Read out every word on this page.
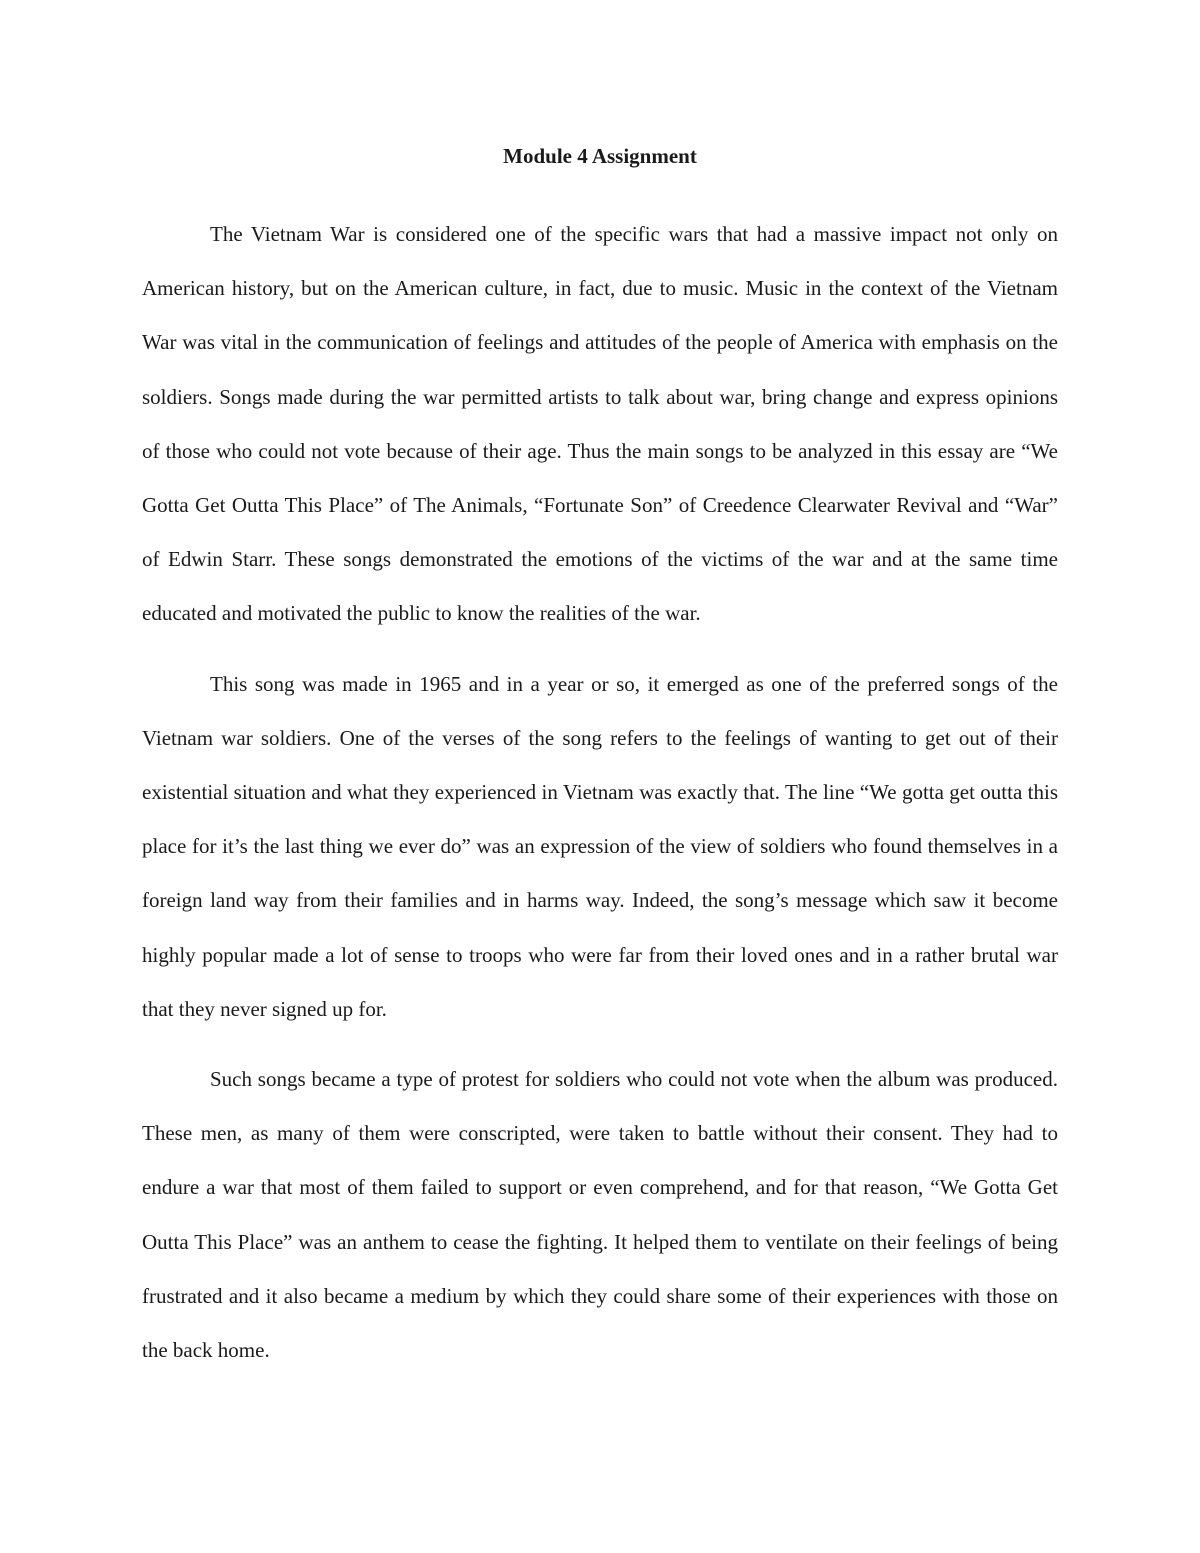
Module 4 Assignment

The Vietnam War is considered one of the specific wars that had a massive impact not only on American history, but on the American culture, in fact, due to music. Music in the context of the Vietnam War was vital in the communication of feelings and attitudes of the people of America with emphasis on the soldiers. Songs made during the war permitted artists to talk about war, bring change and express opinions of those who could not vote because of their age. Thus the main songs to be analyzed in this essay are “We Gotta Get Outta This Place” of The Animals, “Fortunate Son” of Creedence Clearwater Revival and “War” of Edwin Starr. These songs demonstrated the emotions of the victims of the war and at the same time educated and motivated the public to know the realities of the war.

This song was made in 1965 and in a year or so, it emerged as one of the preferred songs of the Vietnam war soldiers. One of the verses of the song refers to the feelings of wanting to get out of their existential situation and what they experienced in Vietnam was exactly that. The line “We gotta get outta this place for it’s the last thing we ever do” was an expression of the view of soldiers who found themselves in a foreign land way from their families and in harms way. Indeed, the song’s message which saw it become highly popular made a lot of sense to troops who were far from their loved ones and in a rather brutal war that they never signed up for.

Such songs became a type of protest for soldiers who could not vote when the album was produced. These men, as many of them were conscripted, were taken to battle without their consent. They had to endure a war that most of them failed to support or even comprehend, and for that reason, “We Gotta Get Outta This Place” was an anthem to cease the fighting. It helped them to ventilate on their feelings of being frustrated and it also became a medium by which they could share some of their experiences with those on the back home.
